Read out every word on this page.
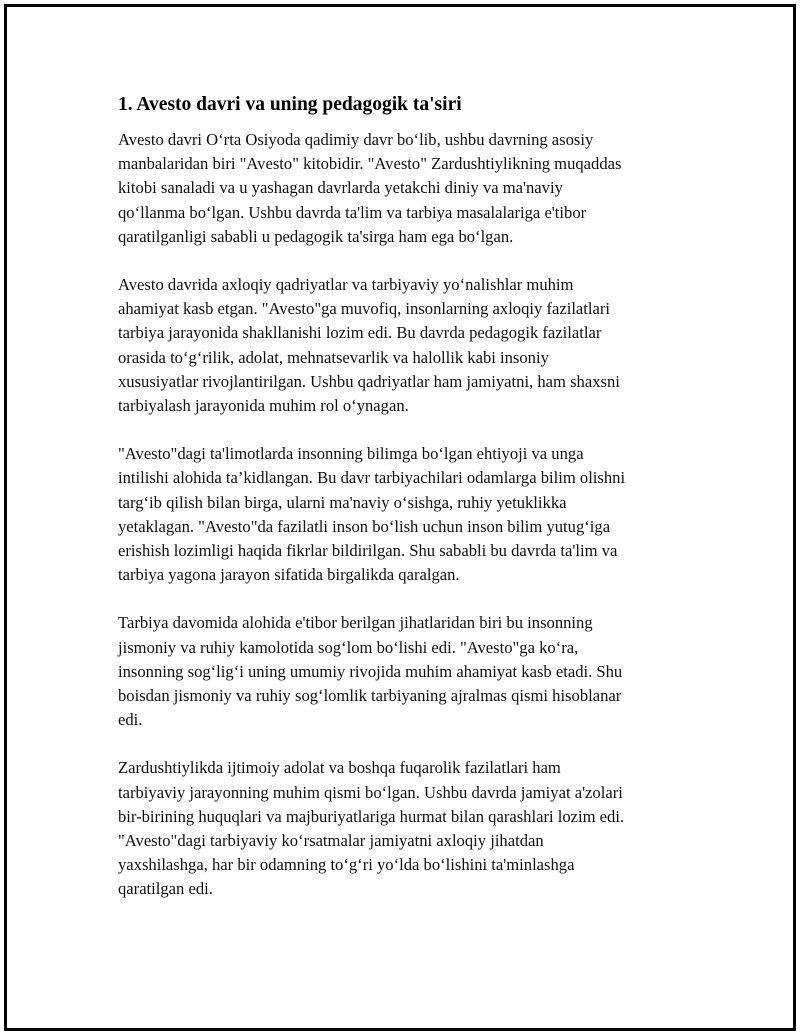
1. Avesto davri va uning pedagogik ta'siri

Avesto davri O‘rta Osiyoda qadimiy davr bo‘lib, ushbu davrning asosiy
manbalaridan biri "Avesto" kitobidir. "Avesto" Zardushtiylikning muqaddas
kitobi sanaladi va u yashagan davrlarda yetakchi diniy va ma'naviy
qo‘llanma bo‘lgan. Ushbu davrda ta'lim va tarbiya masalalariga e'tibor
qaratilganligi sababli u pedagogik ta'sirga ham ega bo‘lgan.

Avesto davrida axloqiy qadriyatlar va tarbiyaviy yo‘nalishlar muhim
ahamiyat kasb etgan. "Avesto"ga muvofiq, insonlarning axloqiy fazilatlari
tarbiya jarayonida shakllanishi lozim edi. Bu davrda pedagogik fazilatlar
orasida to‘g‘rilik, adolat, mehnatsevarlik va halollik kabi insoniy
xususiyatlar rivojlantirilgan. Ushbu qadriyatlar ham jamiyatni, ham shaxsni
tarbiyalash jarayonida muhim rol o‘ynagan.

"Avesto"dagi ta'limotlarda insonning bilimga bo‘lgan ehtiyoji va unga
intilishi alohida ta’kidlangan. Bu davr tarbiyachilari odamlarga bilim olishni
targ‘ib qilish bilan birga, ularni ma'naviy o‘sishga, ruhiy yetuklikka
yetaklagan. "Avesto"da fazilatli inson bo‘lish uchun inson bilim yutug‘iga
erishish lozimligi haqida fikrlar bildirilgan. Shu sababli bu davrda ta'lim va
tarbiya yagona jarayon sifatida birgalikda qaralgan.

Tarbiya davomida alohida e'tibor berilgan jihatlaridan biri bu insonning
jismoniy va ruhiy kamolotida sog‘lom bo‘lishi edi. "Avesto"ga ko‘ra,
insonning sog‘lig‘i uning umumiy rivojida muhim ahamiyat kasb etadi. Shu
boisdan jismoniy va ruhiy sog‘lomlik tarbiyaning ajralmas qismi hisoblanar
edi.

Zardushtiylikda ijtimoiy adolat va boshqa fuqarolik fazilatlari ham
tarbiyaviy jarayonning muhim qismi bo‘lgan. Ushbu davrda jamiyat a'zolari
bir-birining huquqlari va majburiyatlariga hurmat bilan qarashlari lozim edi.
"Avesto"dagi tarbiyaviy ko‘rsatmalar jamiyatni axloqiy jihatdan
yaxshilashga, har bir odamning to‘g‘ri yo‘lda bo‘lishini ta'minlashga
qaratilgan edi.
